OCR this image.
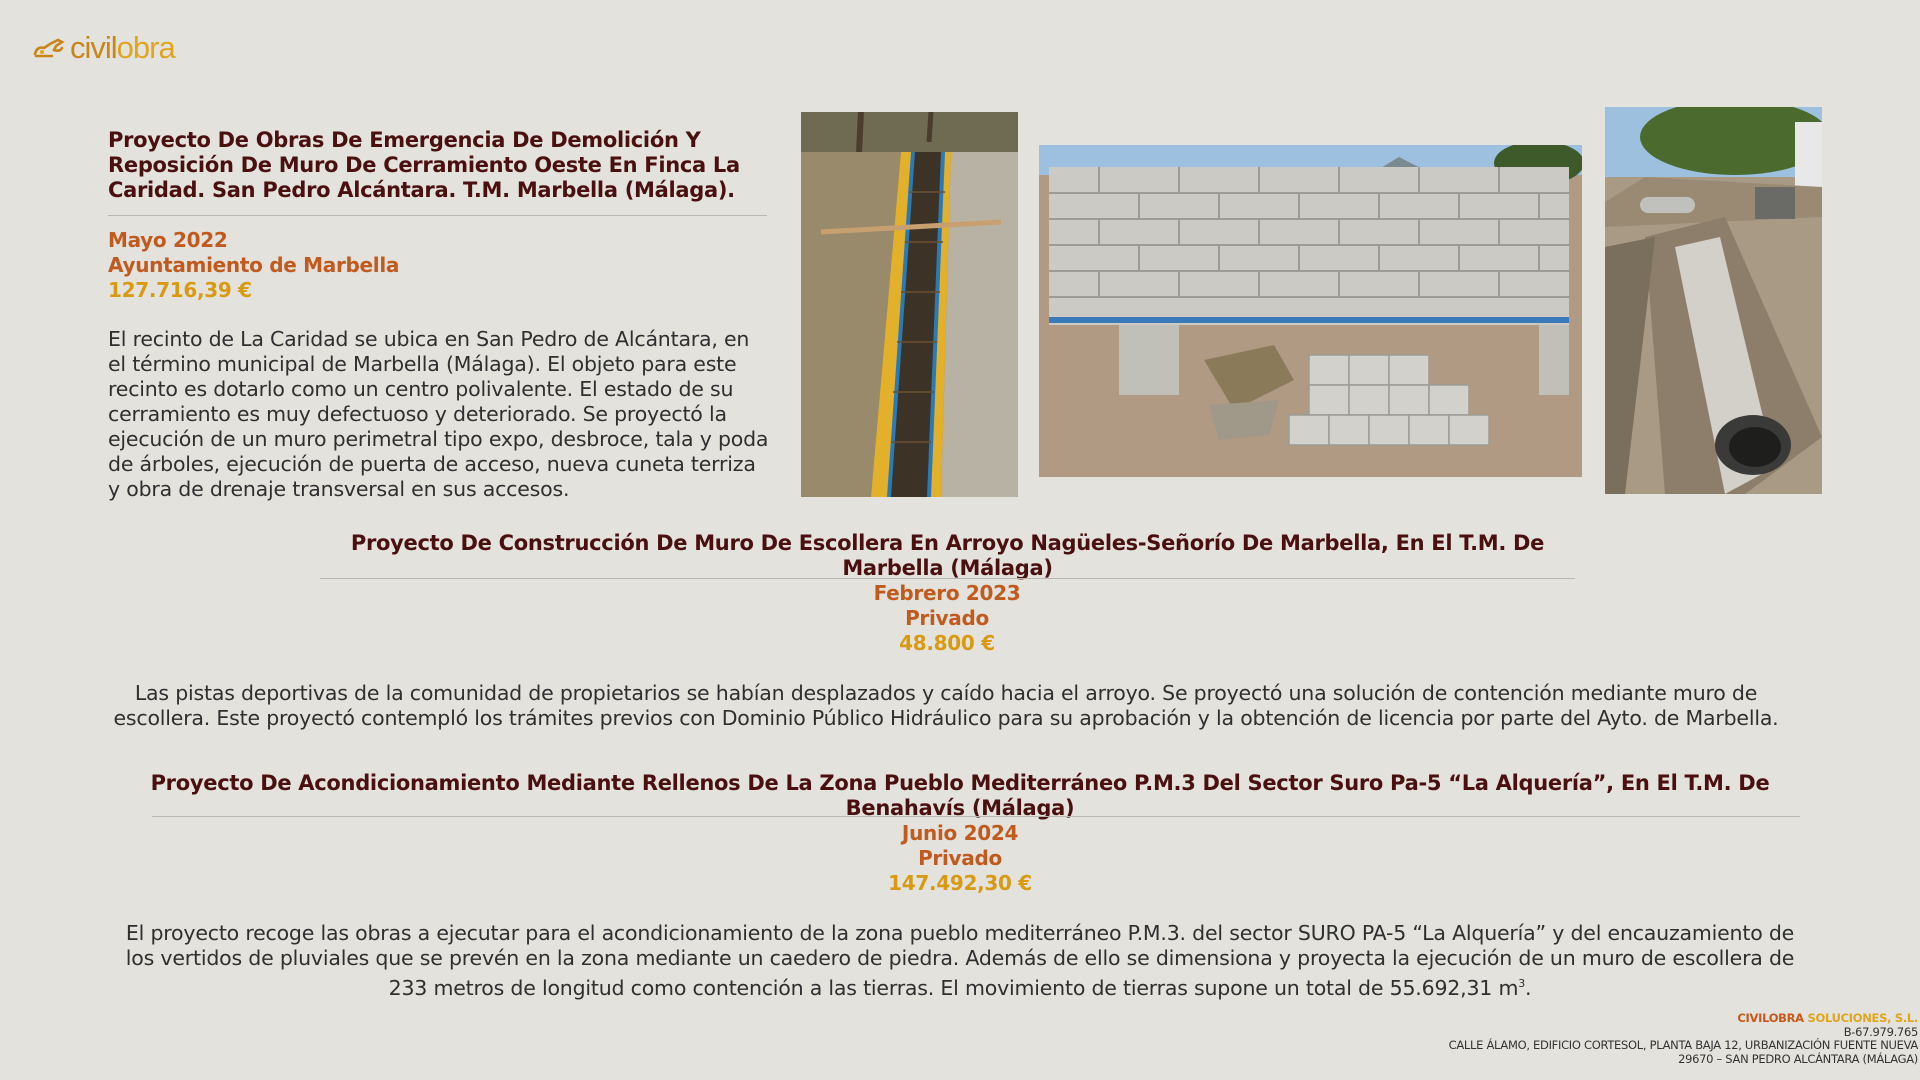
civilobra
Proyecto De Obras De Emergencia De Demolición Y Reposición De Muro De Cerramiento Oeste En Finca La Caridad. San Pedro Alcántara. T.M. Marbella (Málaga).
Mayo 2022
Ayuntamiento de Marbella
127.716,39 €
El recinto de La Caridad se ubica en San Pedro de Alcántara, en el término municipal de Marbella (Málaga). El objeto para este recinto es dotarlo como un centro polivalente. El estado de su cerramiento es muy defectuoso y deteriorado. Se proyectó la ejecución de un muro perimetral tipo expo, desbroce, tala y poda de árboles, ejecución de puerta de acceso, nueva cuneta terriza y obra de drenaje transversal en sus accesos.
Proyecto De Construcción De Muro De Escollera En Arroyo Nagüeles-Señorío De Marbella, En El T.M. De Marbella (Málaga)
Febrero 2023
Privado
48.800 €
Las pistas deportivas de la comunidad de propietarios se habían desplazados y caído hacia el arroyo. Se proyectó una solución de contención mediante muro de escollera. Este proyectó contempló los trámites previos con Dominio Público Hidráulico para su aprobación y la obtención de licencia por parte del Ayto. de Marbella.
Proyecto De Acondicionamiento Mediante Rellenos De La Zona Pueblo Mediterráneo P.M.3 Del Sector Suro Pa-5 “La Alquería”, En El T.M. De Benahavís (Málaga)
Junio 2024
Privado
147.492,30 €
El proyecto recoge las obras a ejecutar para el acondicionamiento de la zona pueblo mediterráneo P.M.3. del sector SURO PA-5 “La Alquería” y del encauzamiento de los vertidos de pluviales que se prevén en la zona mediante un caedero de piedra. Además de ello se dimensiona y proyecta la ejecución de un muro de escollera de 233 metros de longitud como contención a las tierras. El movimiento de tierras supone un total de 55.692,31 $m^3$.
CIVILOBRA SOLUCIONES, S.L.
B-67.979.765
CALLE ÁLAMO, EDIFICIO CORTESOL, PLANTA BAJA 12, URBANIZACIÓN FUENTE NUEVA
29670 – SAN PEDRO ALCÁNTARA (MÁLAGA)
